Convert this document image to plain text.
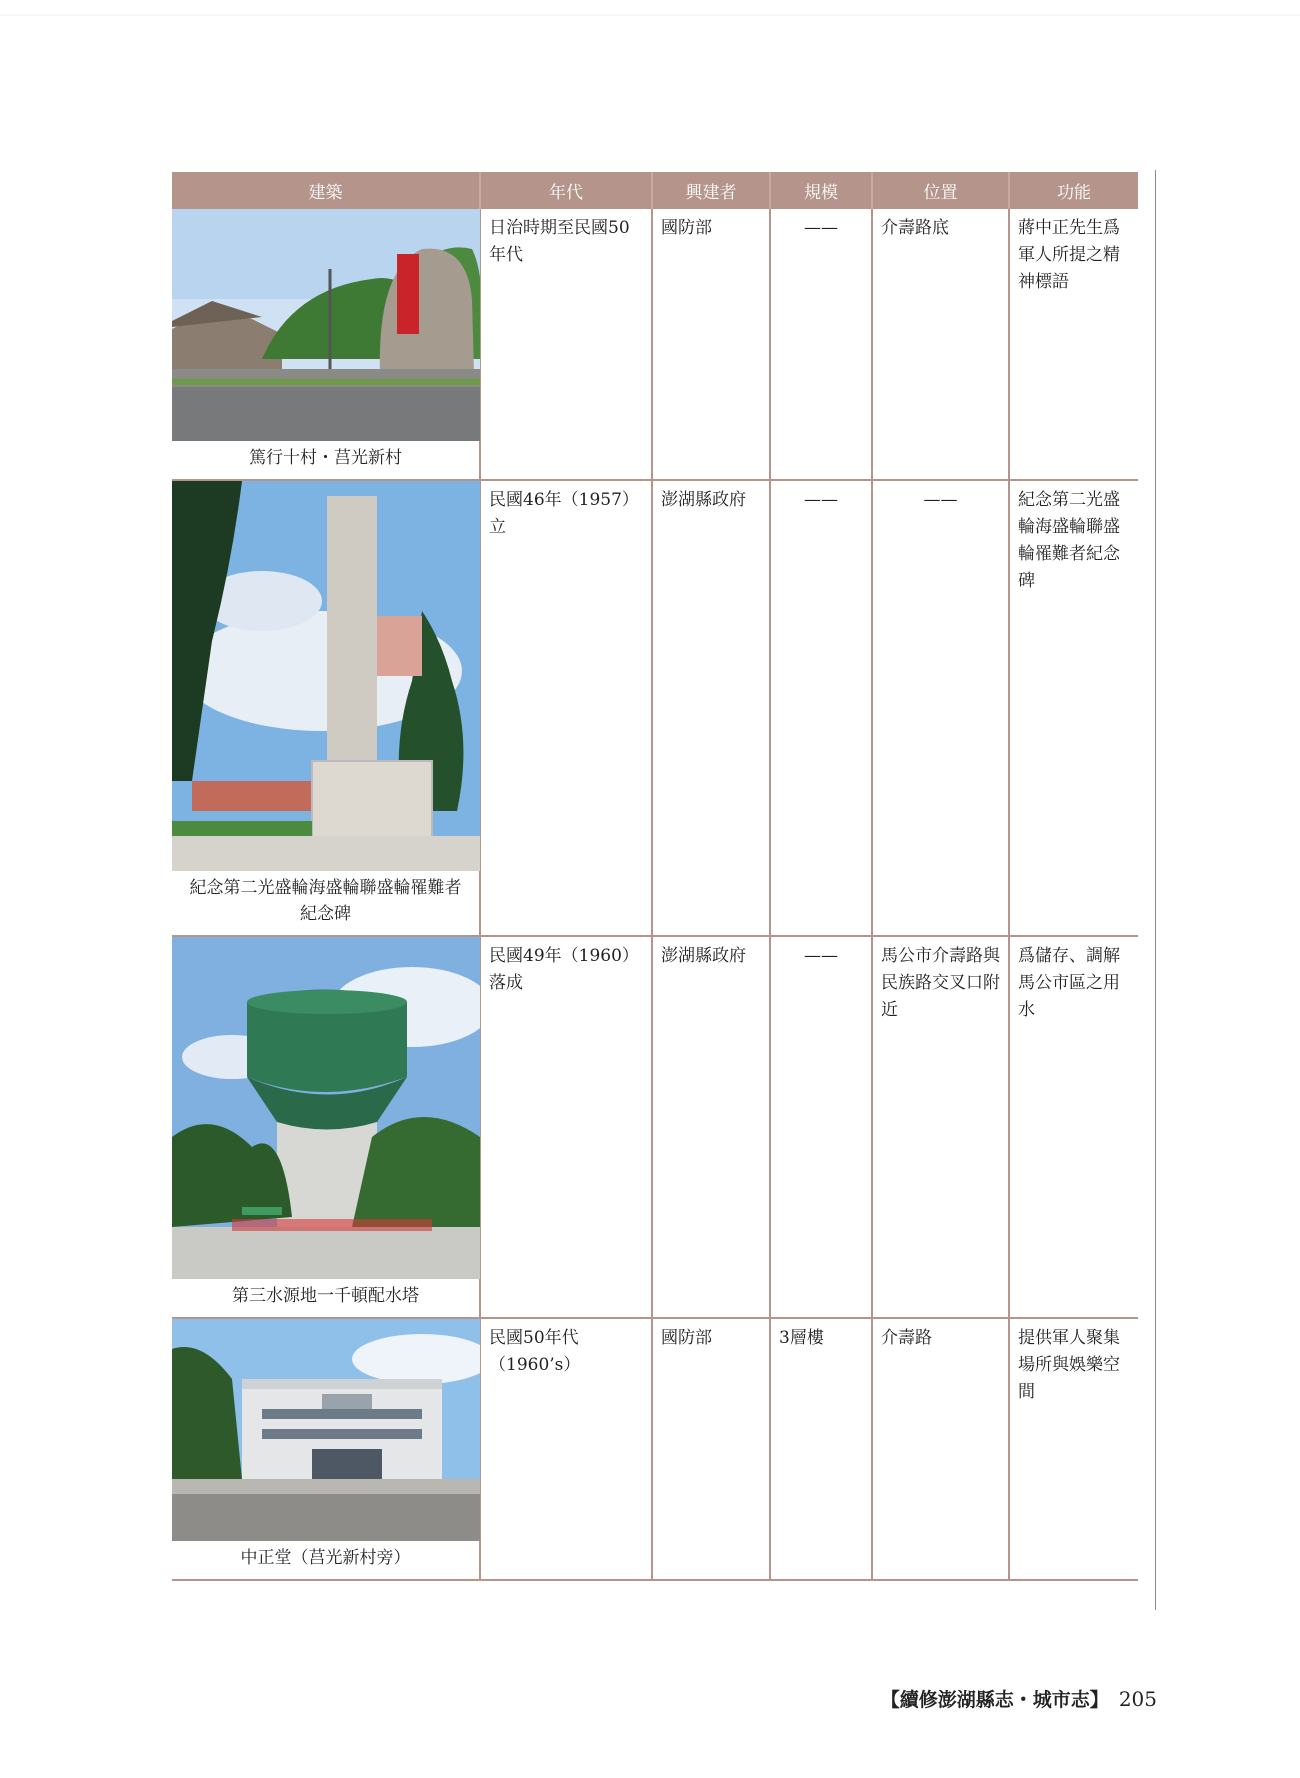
建築	年代	興建者	規模	位置	功能

篤行十村・莒光新村	日治時期至民國50年代	國防部	——	介壽路底	蔣中正先生爲軍人所提之精神標語

紀念第二光盛輪海盛輪聯盛輪罹難者紀念碑	民國46年（1957）立	澎湖縣政府	——	——	紀念第二光盛輪海盛輪聯盛輪罹難者紀念碑

第三水源地一千頓配水塔	民國49年（1960）落成	澎湖縣政府	——	馬公市介壽路與民族路交叉口附近	爲儲存、調解馬公市區之用水

中正堂（莒光新村旁）	民國50年代（1960’s）	國防部	3層樓	介壽路	提供軍人聚集場所與娛樂空間
【續修澎湖縣志・城市志】 205
